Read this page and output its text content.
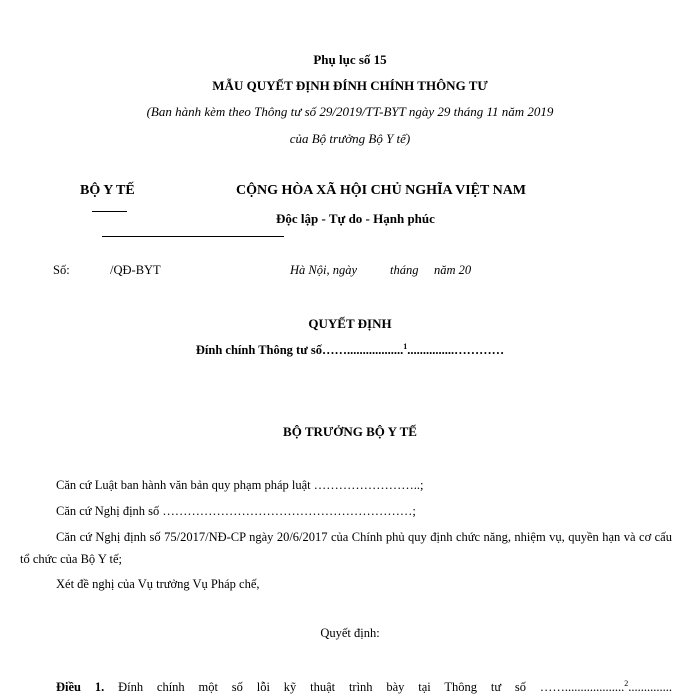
Phụ lục số 15
MẪU QUYẾT ĐỊNH ĐÍNH CHÍNH THÔNG TƯ
(Ban hành kèm theo Thông tư số 29/2019/TT-BYT ngày 29 tháng 11 năm 2019
của Bộ trưởng Bộ Y tế)
BỘ Y TẾ	CỘNG HÒA XÃ HỘI CHỦ NGHĨA VIỆT NAM
Độc lập - Tự do - Hạnh phúc
Số:	/QĐ-BYT	Hà Nội, ngày	tháng năm 20
QUYẾT ĐỊNH
Đính chính Thông tư số……..................$^1$...............…………
BỘ TRƯỞNG BỘ Y TẾ
Căn cứ Luật ban hành văn bản quy phạm pháp luật ……………………..;
Căn cứ Nghị định số ……………………………………………………;
Căn cứ Nghị định số 75/2017/NĐ-CP ngày 20/6/2017 của Chính phủ quy định chức năng, nhiệm vụ, quyền hạn và cơ cấu tổ chức của Bộ Y tế;
Xét đề nghị của Vụ trưởng Vụ Pháp chế,
Quyết định:
Điều 1. Đính chính một số lỗi kỹ thuật trình bày tại Thông tư số ……...................$^2$..............
